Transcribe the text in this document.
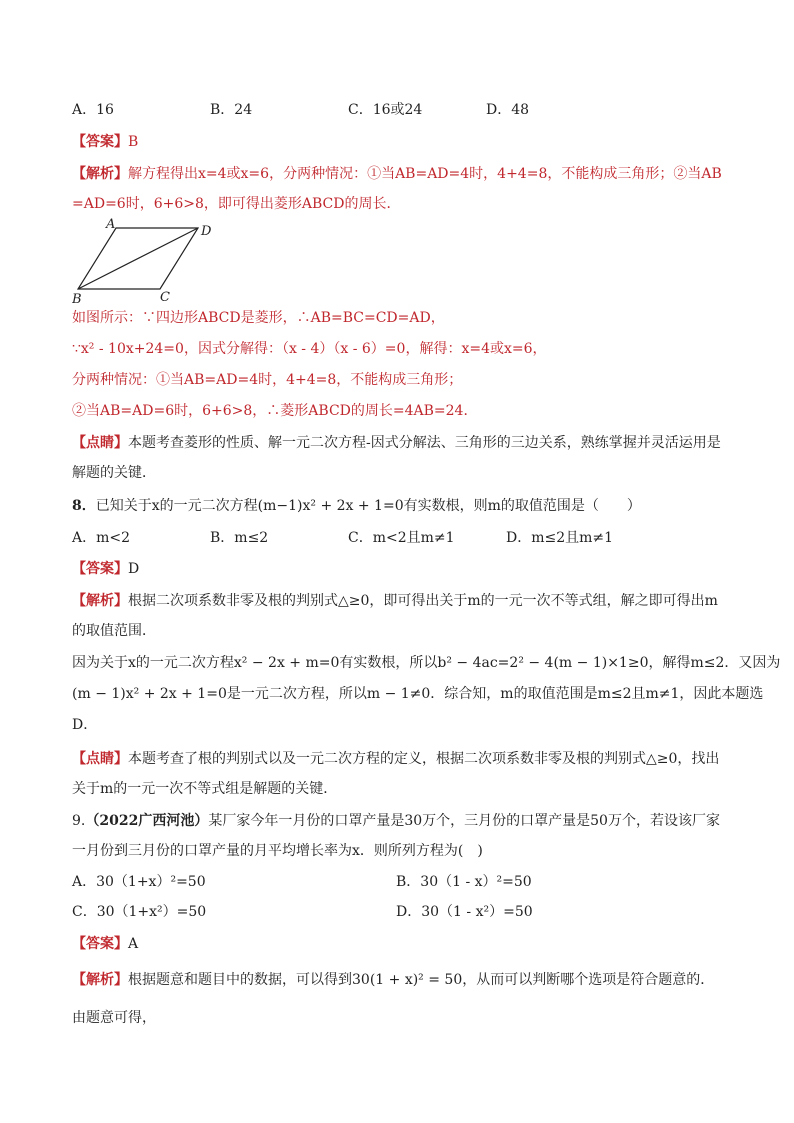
A．16	B．24	C．16或24	D．48
【答案】B
【解析】解方程得出x=4或x=6，分两种情况：①当AB=AD=4时，4+4=8，不能构成三角形；②当AB
=AD=6时，6+6>8，即可得出菱形ABCD的周长．
A	D
B	C
如图所示：∵四边形ABCD是菱形，∴AB=BC=CD=AD，
∵x² - 10x+24=0，因式分解得：（x - 4）（x - 6）=0，解得：x=4或x=6，
分两种情况：①当AB=AD=4时，4+4=8，不能构成三角形；
②当AB=AD=6时，6+6>8，∴菱形ABCD的周长=4AB=24．
【点睛】本题考查菱形的性质、解一元二次方程-因式分解法、三角形的三边关系，熟练掌握并灵活运用是
解题的关键．
8．已知关于x的一元二次方程(m−1)x² + 2x + 1=0有实数根，则m的取值范围是（　　）
A．m<2	B．m≤2	C．m<2且m≠1	D．m≤2且m≠1
【答案】D
【解析】根据二次项系数非零及根的判别式△≥0，即可得出关于m的一元一次不等式组，解之即可得出m
的取值范围．
因为关于x的一元二次方程x² − 2x + m=0有实数根，所以b² − 4ac=2² − 4(m − 1)×1≥0，解得m≤2．又因为
(m − 1)x² + 2x + 1=0是一元二次方程，所以m − 1≠0．综合知，m的取值范围是m≤2且m≠1，因此本题选
D．
【点睛】本题考查了根的判别式以及一元二次方程的定义，根据二次项系数非零及根的判别式△≥0，找出
关于m的一元一次不等式组是解题的关键．
9.（2022广西河池）某厂家今年一月份的口罩产量是30万个，三月份的口罩产量是50万个，若设该厂家
一月份到三月份的口罩产量的月平均增长率为x．则所列方程为(　)
A．30（1+x）²=50	B．30（1 - x）²=50
C．30（1+x²）=50	D．30（1 - x²）=50
【答案】A
【解析】根据题意和题目中的数据，可以得到30(1 + x)² = 50，从而可以判断哪个选项是符合题意的．
由题意可得，
